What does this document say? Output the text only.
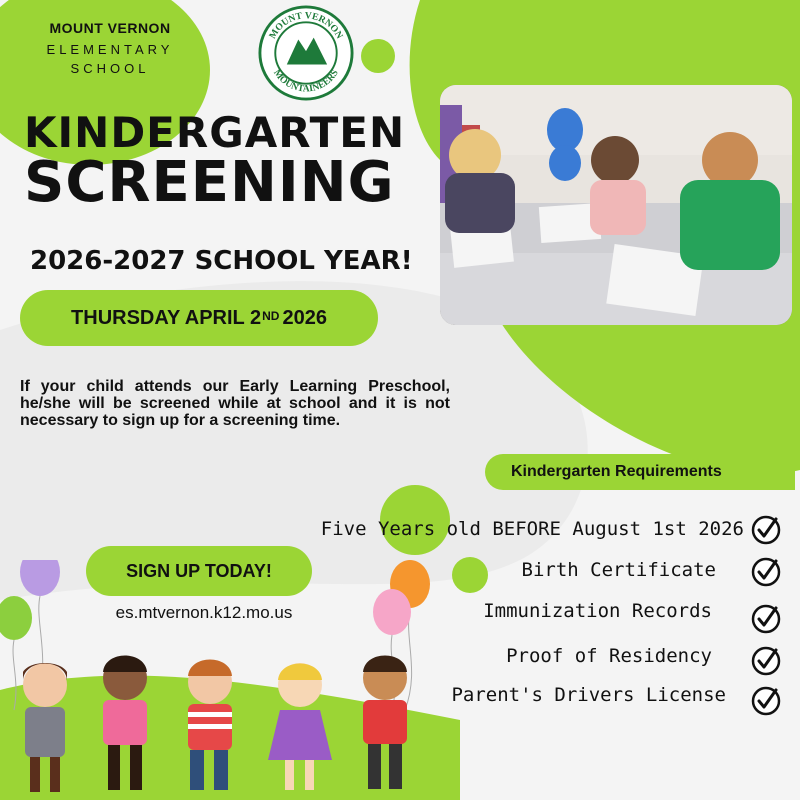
MOUNT VERNON
ELEMENTARY
SCHOOL
MOUNT VERNON
MOUNTAINEERS
KINDERGARTEN
SCREENING
2026-2027 SCHOOL YEAR!
THURSDAY APRIL 2ND 2026
If your child attends our Early Learning Preschool, he/she will be screened while at school and it is not necessary to sign up for a screening time.
Kindergarten Requirements
Five Years old BEFORE August 1st 2026
Birth Certificate
Immunization Records
Proof of Residency
Parent's Drivers License
SIGN UP TODAY!
es.mtvernon.k12.mo.us
